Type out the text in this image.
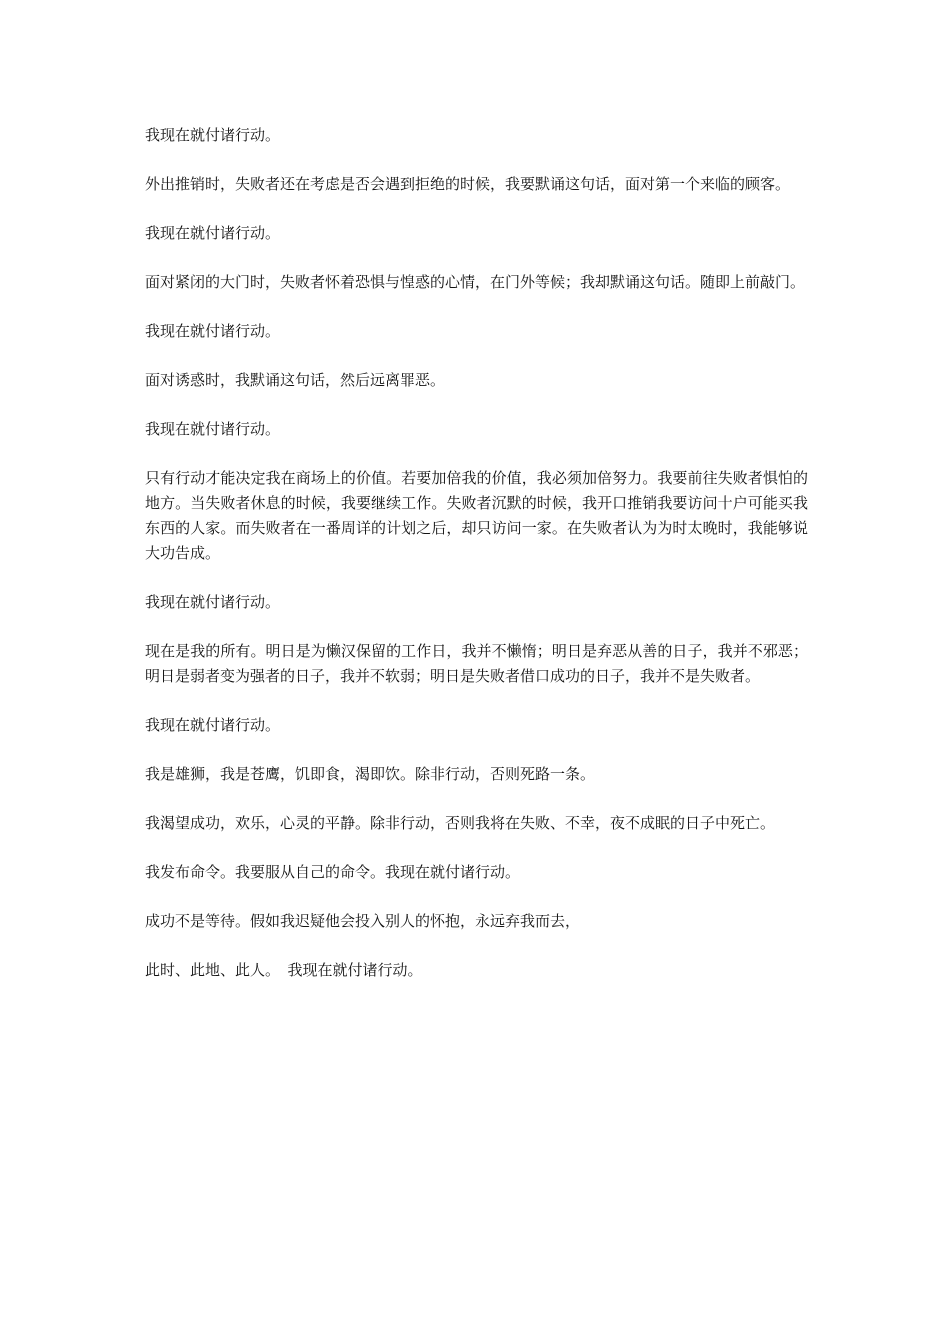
我现在就付诸行动。

外出推销时，失败者还在考虑是否会遇到拒绝的时候，我要默诵这句话，面对第一个来临的顾客。

我现在就付诸行动。

面对紧闭的大门时，失败者怀着恐惧与惶惑的心情，在门外等候；我却默诵这句话。随即上前敲门。

我现在就付诸行动。

面对诱惑时，我默诵这句话，然后远离罪恶。

我现在就付诸行动。

只有行动才能决定我在商场上的价值。若要加倍我的价值，我必须加倍努力。我要前往失败者惧怕的地方。当失败者休息的时候，我要继续工作。失败者沉默的时候，我开口推销我要访问十户可能买我东西的人家。而失败者在一番周详的计划之后，却只访问一家。在失败者认为为时太晚时，我能够说大功告成。

我现在就付诸行动。

现在是我的所有。明日是为懒汉保留的工作日，我并不懒惰；明日是弃恶从善的日子，我并不邪恶；明日是弱者变为强者的日子，我并不软弱；明日是失败者借口成功的日子，我并不是失败者。

我现在就付诸行动。

我是雄狮，我是苍鹰，饥即食，渴即饮。除非行动，否则死路一条。

我渴望成功，欢乐，心灵的平静。除非行动，否则我将在失败、不幸，夜不成眠的日子中死亡。

我发布命令。我要服从自己的命令。我现在就付诸行动。

成功不是等待。假如我迟疑他会投入别人的怀抱，永远弃我而去，

此时、此地、此人。　我现在就付诸行动。
